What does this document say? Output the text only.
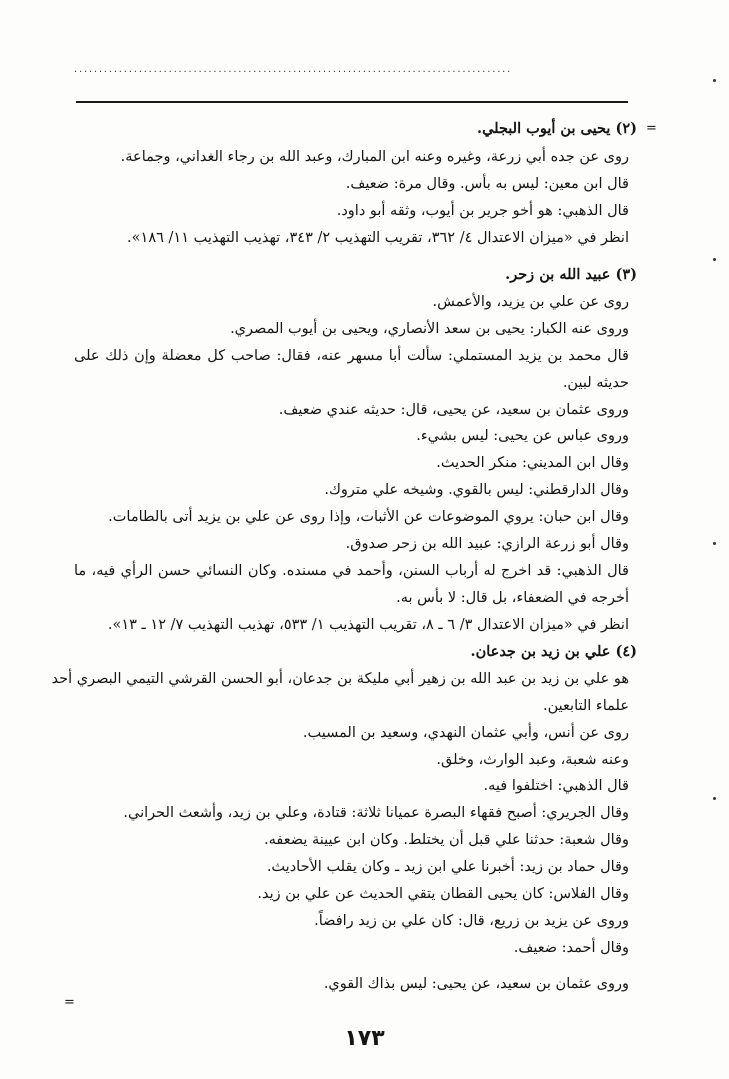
........................................................................................
=
=
(٢) يحيى بن أيوب البجلي.
روى عن جده أبي زرعة، وغيره وعنه ابن المبارك، وعبد الله بن رجاء الغداني، وجماعة.
قال ابن معين: ليس به بأس. وقال مرة: ضعيف.
قال الذهبي: هو أخو جرير بن أيوب، وثقه أبو داود.
انظر في «ميزان الاعتدال ٤/ ٣٦٢، تقريب التهذيب ٢/ ٣٤٣، تهذيب التهذيب ١١/ ١٨٦».
(٣) عبيد الله بن زحر.
روى عن علي بن يزيد، والأعمش.
وروى عنه الكبار: يحيى بن سعد الأنصاري، ويحيى بن أيوب المصري.
قال محمد بن يزيد المستملي: سألت أبا مسهر عنه، فقال: صاحب كل معضلة وإن ذلك على
حديثه لبين.
وروى عثمان بن سعيد، عن يحيى، قال: حديثه عندي ضعيف.
وروى عباس عن يحيى: ليس بشيء.
وقال ابن المديني: منكر الحديث.
وقال الدارقطني: ليس بالقوي. وشيخه علي متروك.
وقال ابن حبان: يروي الموضوعات عن الأثبات، وإذا روى عن علي بن يزيد أتى بالطامات.
وقال أبو زرعة الرازي: عبيد الله بن زحر صدوق.
قال الذهبي: قد اخرج له أرباب السنن، وأحمد في مسنده. وكان النسائي حسن الرأي فيه، ما
أخرجه في الضعفاء، بل قال: لا بأس به.
انظر في «ميزان الاعتدال ٣/ ٦ ـ ٨، تقريب التهذيب ١/ ٥٣٣، تهذيب التهذيب ٧/ ١٢ ـ ١٣».
(٤) علي بن زيد بن جدعان.
هو علي بن زيد بن عبد الله بن زهير أبي مليكة بن جدعان، أبو الحسن القرشي التيمي البصري أحد
علماء التابعين.
روى عن أنس، وأبي عثمان النهدي، وسعيد بن المسيب.
وعنه شعبة، وعبد الوارث، وخلق.
قال الذهبي: اختلفوا فيه.
وقال الجريري: أصبح فقهاء البصرة عميانا ثلاثة: قتادة، وعلي بن زيد، وأشعث الحراني.
وقال شعبة: حدثنا علي قبل أن يختلط. وكان ابن عيينة يضعفه.
وقال حماد بن زيد: أخبرنا علي ابن زيد ـ وكان يقلب الأحاديث.
وقال الفلاس: كان يحيى القطان يتقي الحديث عن علي بن زيد.
وروى عن يزيد بن زريع، قال: كان علي بن زيد رافضاً.
وقال أحمد: ضعيف.
وروى عثمان بن سعيد، عن يحيى: ليس بذاك القوي.
١٧٣
